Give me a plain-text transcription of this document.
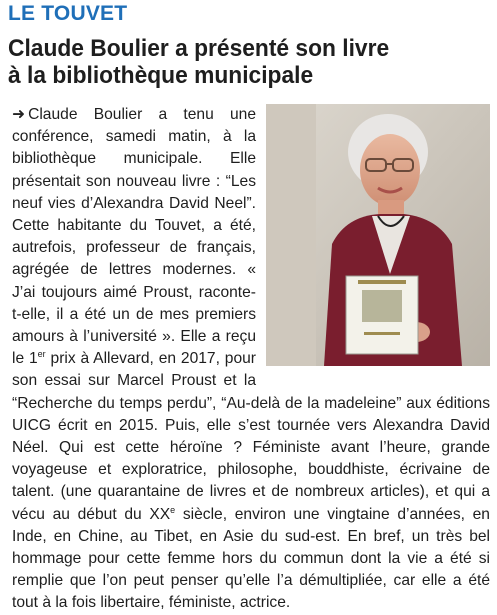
LE TOUVET
Claude Boulier a présenté son livre
à la bibliothèque municipale
➜ Claude Boulier a tenu une conférence, samedi matin, à la bibliothèque municipale. Elle présentait son nouveau livre : “Les neuf vies d’Alexandra David Neel”. Cette habitante du Touvet, a été, autrefois, professeur de français, agrégée de lettres modernes. « J’ai toujours aimé Proust, raconte-t-elle, il a été un de mes premiers amours à l’université ». Elle a reçu le 1er prix à Allevard, en 2017, pour son essai sur Marcel Proust et la “Recherche du temps perdu”, “Au-delà de la madeleine” aux éditions UICG écrit en 2015. Puis, elle s’est tournée vers Alexandra David Néel. Qui est cette héroïne ? Féministe avant l’heure, grande voyageuse et exploratrice, philosophe, bouddhiste, écrivaine de talent. (une quarantaine de livres et de nombreux articles), et qui a vécu au début du XXe siècle, environ une vingtaine d’années, en Inde, en Chine, au Tibet, en Asie du sud-est. En bref, un très bel hommage pour cette femme hors du commun dont la vie a été si remplie que l’on peut penser qu’elle l’a démultipliée, car elle a été tout à la fois libertaire, féministe, actrice.
